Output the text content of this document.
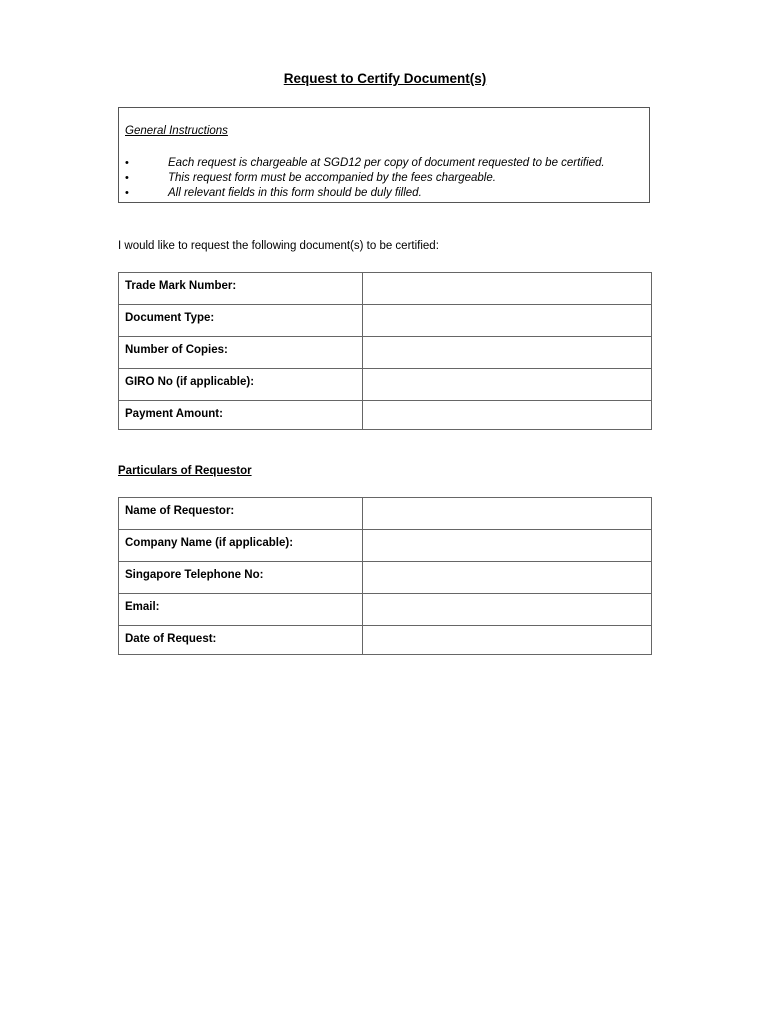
Request to Certify Document(s)
General Instructions
•	Each request is chargeable at SGD12 per copy of document requested to be certified.
•	This request form must be accompanied by the fees chargeable.
•	All relevant fields in this form should be duly filled.
I would like to request the following document(s) to be certified:
Trade Mark Number:	
Document Type:	
Number of Copies:	
GIRO No (if applicable):	
Payment Amount:	
Particulars of Requestor
Name of Requestor:	
Company Name (if applicable):	
Singapore Telephone No:	
Email:	
Date of Request:	
